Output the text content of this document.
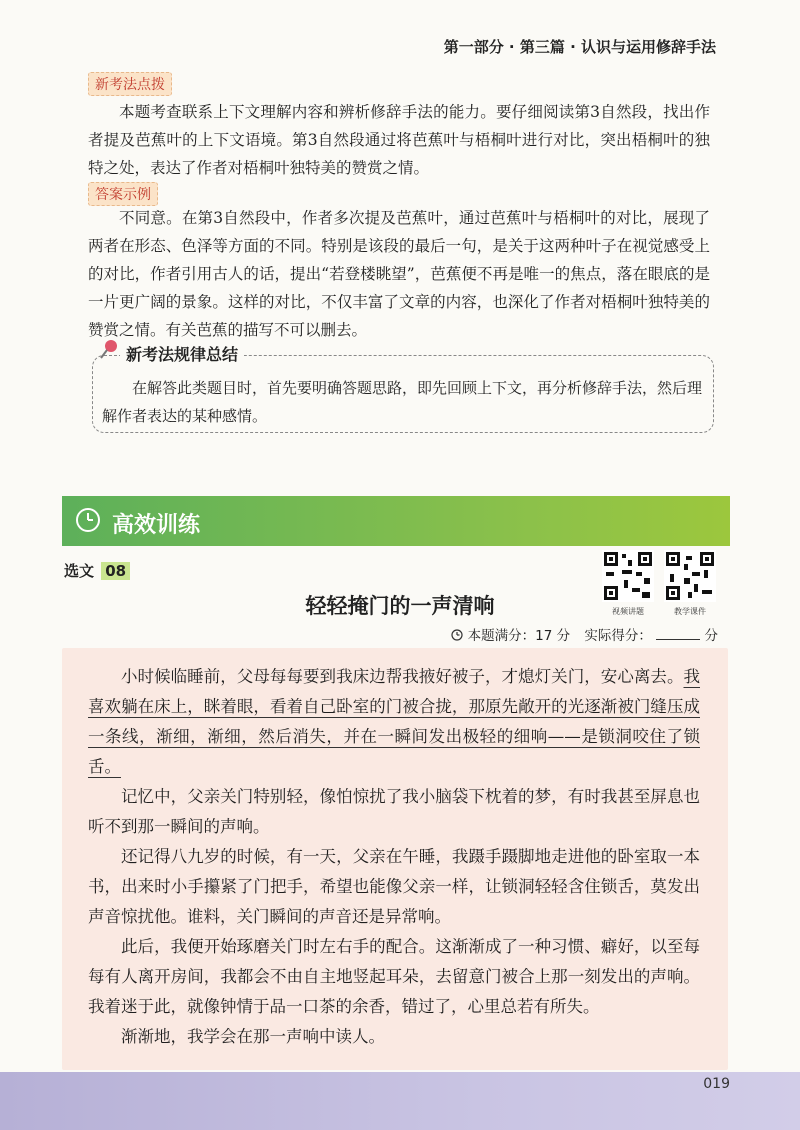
第一部分 · 第三篇 · 认识与运用修辞手法
新考法点拨

本题考查联系上下文理解内容和辨析修辞手法的能力。要仔细阅读第3自然段，找出作者提及芭蕉叶的上下文语境。第3自然段通过将芭蕉叶与梧桐叶进行对比，突出梧桐叶的独特之处，表达了作者对梧桐叶独特美的赞赏之情。

答案示例

不同意。在第3自然段中，作者多次提及芭蕉叶，通过芭蕉叶与梧桐叶的对比，展现了两者在形态、色泽等方面的不同。特别是该段的最后一句，是关于这两种叶子在视觉感受上的对比，作者引用古人的话，提出“若登楼眺望”，芭蕉便不再是唯一的焦点，落在眼底的是一片更广阔的景象。这样的对比，不仅丰富了文章的内容，也深化了作者对梧桐叶独特美的赞赏之情。有关芭蕉的描写不可以删去。

新考法规律总结

在解答此类题目时，首先要明确答题思路，即先回顾上下文，再分析修辞手法，然后理解作者表达的某种感情。

高效训练
选文 08
视频讲题	教学课件
轻轻掩门的一声清响
本题满分：17 分 实际得分：	分

小时候临睡前，父母每每要到我床边帮我掖好被子，才熄灯关门，安心离去。我喜欢躺在床上，眯着眼，看着自己卧室的门被合拢，那原先敞开的光逐渐被门缝压成一条线，渐细，渐细，然后消失，并在一瞬间发出极轻的细响——是锁洞咬住了锁舌。

记忆中，父亲关门特别轻，像怕惊扰了我小脑袋下枕着的梦，有时我甚至屏息也听不到那一瞬间的声响。

还记得八九岁的时候，有一天，父亲在午睡，我蹑手蹑脚地走进他的卧室取一本书，出来时小手攥紧了门把手，希望也能像父亲一样，让锁洞轻轻含住锁舌，莫发出声音惊扰他。谁料，关门瞬间的声音还是异常响。

此后，我便开始琢磨关门时左右手的配合。这渐渐成了一种习惯、癖好，以至每每有人离开房间，我都会不由自主地竖起耳朵，去留意门被合上那一刻发出的声响。我着迷于此，就像钟情于品一口茶的余香，错过了，心里总若有所失。

渐渐地，我学会在那一声响中读人。

019
